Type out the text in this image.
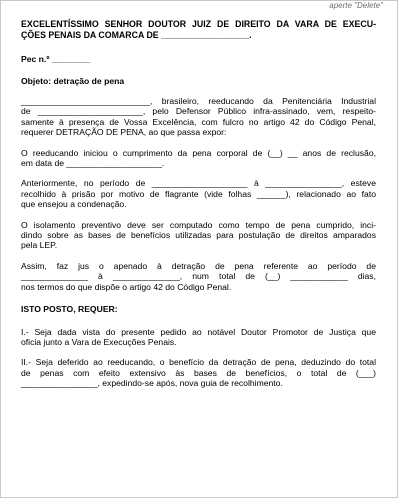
aperte "Delete"
EXCELENTÍSSIMO SENHOR DOUTOR JUIZ DE DIREITO DA VARA DE EXECU-
ÇÕES PENAIS DA COMARCA DE __________________.

Pec n.º ________

Objeto: detração de pena

___________________________, brasileiro, reeducando da Penitenciária Industrial
de ______________________, pelo Defensor Público infra-assinado, vem, respeito-
samente à presença de Vossa Excelência, com fulcro no artigo 42 do Código Penal,
requerer DETRAÇÃO DE PENA, ao que passa expor:
O reeducando iniciou o cumprimento da pena corporal de (__) __ anos de reclusão,
em data de ____________________.
Anteriormente, no período de ____________________ à ________________, esteve
recolhido à prisão por motivo de flagrante (vide folhas ______), relacionado ao fato
que ensejou a condenação.
O isolamento preventivo deve ser computado como tempo de pena cumprido, inci-
dindo sobre as bases de benefícios utilizadas para postulação de direitos amparados
pela LEP.
Assim, faz jus o apenado à detração de pena referente ao período de
______________ à ______________, num total de (__) ____________ dias,
nos termos do que dispõe o artigo 42 do Código Penal.

ISTO POSTO, REQUER:

I.- Seja dada vista do presente pedido ao notável Doutor Promotor de Justiça que
oficia junto a Vara de Execuções Penais.
II.- Seja deferido ao reeducando, o benefício da detração de pena, deduzindo do total
de penas com efeito extensivo às bases de benefícios, o total de (___)
________________, expedindo-se após, nova guia de recolhimento.
